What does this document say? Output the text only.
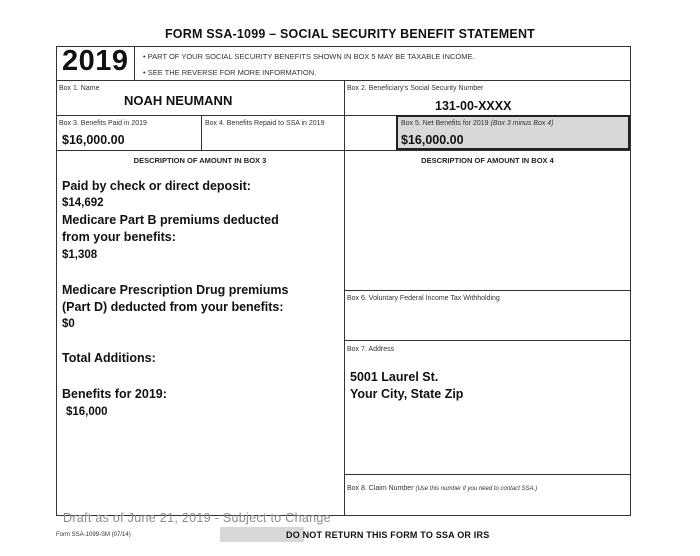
FORM SSA-1099 – SOCIAL SECURITY BENEFIT STATEMENT
2019 • PART OF YOUR SOCIAL SECURITY BENEFITS SHOWN IN BOX 5 MAY BE TAXABLE INCOME.
• SEE THE REVERSE FOR MORE INFORMATION.
Box 1. Name
NOAH NEUMANN
Box 2. Beneficiary's Social Security Number
131-00-XXXX
Box 3. Benefits Paid in 2019
$16,000.00
Box 4. Benefits Repaid to SSA in 2019	Box 5. Net Benefits for 2019 (Box 3 minus Box 4)
$16,000.00
DESCRIPTION OF AMOUNT IN BOX 3
Paid by check or direct deposit:
$14,692
Medicare Part B premiums deducted
from your benefits:
$1,308
Medicare Prescription Drug premiums
(Part D) deducted from your benefits:
$0
Total Additions:
Benefits for 2019:
$16,000
DESCRIPTION OF AMOUNT IN BOX 4
Box 6. Voluntary Federal Income Tax Withholding
Box 7. Address
5001 Laurel St.
Your City, State Zip
Box 8. Claim Number (Use this number if you need to contact SSA.)
Draft as of June 21, 2019 - Subject to Change
Form SSA-1099-SM (07/14)	DO NOT RETURN THIS FORM TO SSA OR IRS
